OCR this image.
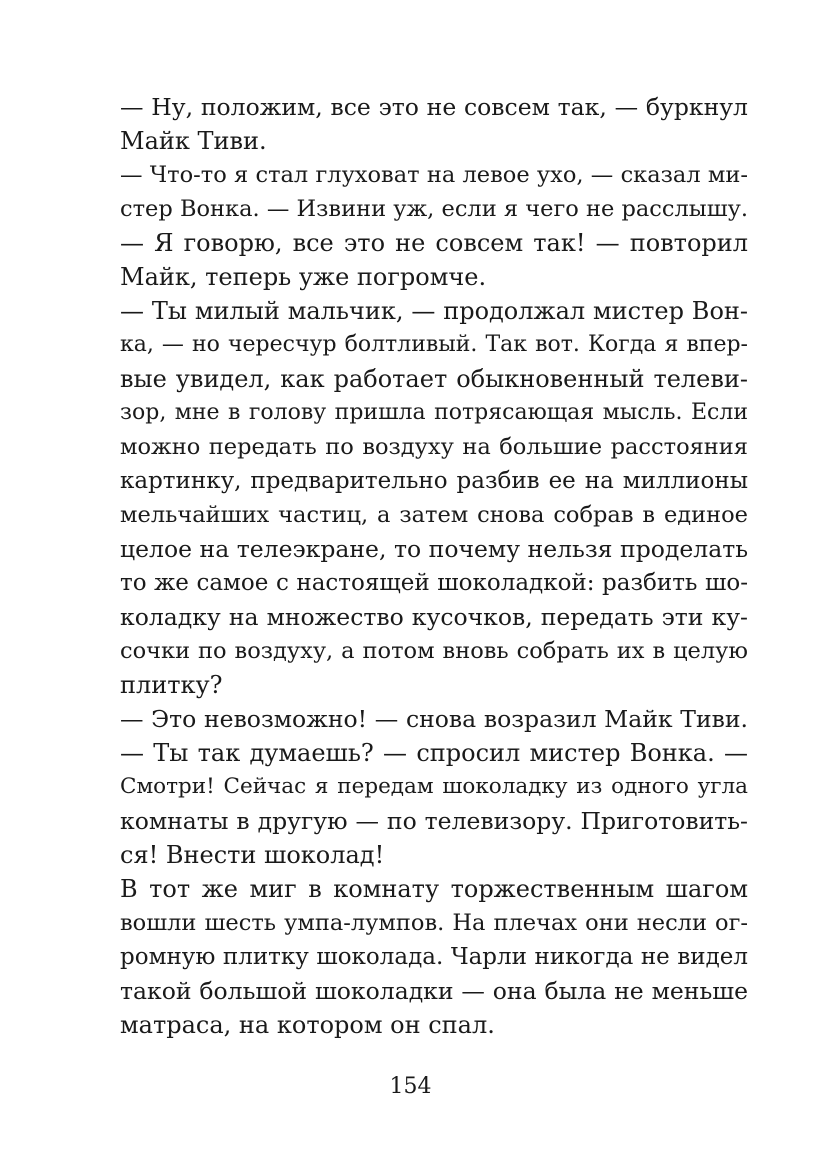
— Ну, положим, все это не совсем так, — буркнул
Майк Тиви.
— Что-то я стал глуховат на левое ухо, — сказал ми-
стер Вонка. — Извини уж, если я чего не расслышу.
— Я говорю, все это не совсем так! — повторил
Майк, теперь уже погромче.
— Ты милый мальчик, — продолжал мистер Вон-
ка, — но чересчур болтливый. Так вот. Когда я впер-
вые увидел, как работает обыкновенный телеви-
зор, мне в голову пришла потрясающая мысль. Если
можно передать по воздуху на большие расстояния
картинку, предварительно разбив ее на миллионы
мельчайших частиц, а затем снова собрав в единое
целое на телеэкране, то почему нельзя проделать
то же самое с настоящей шоколадкой: разбить шо-
коладку на множество кусочков, передать эти ку-
сочки по воздуху, а потом вновь собрать их в целую
плитку?
— Это невозможно! — снова возразил Майк Тиви.
— Ты так думаешь? — спросил мистер Вонка. —
Смотри! Сейчас я передам шоколадку из одного угла
комнаты в другую — по телевизору. Приготовить-
ся! Внести шоколад!
В тот же миг в комнату торжественным шагом
вошли шесть умпа-лумпов. На плечах они несли ог-
ромную плитку шоколада. Чарли никогда не видел
такой большой шоколадки — она была не меньше
матраса, на котором он спал.
154
